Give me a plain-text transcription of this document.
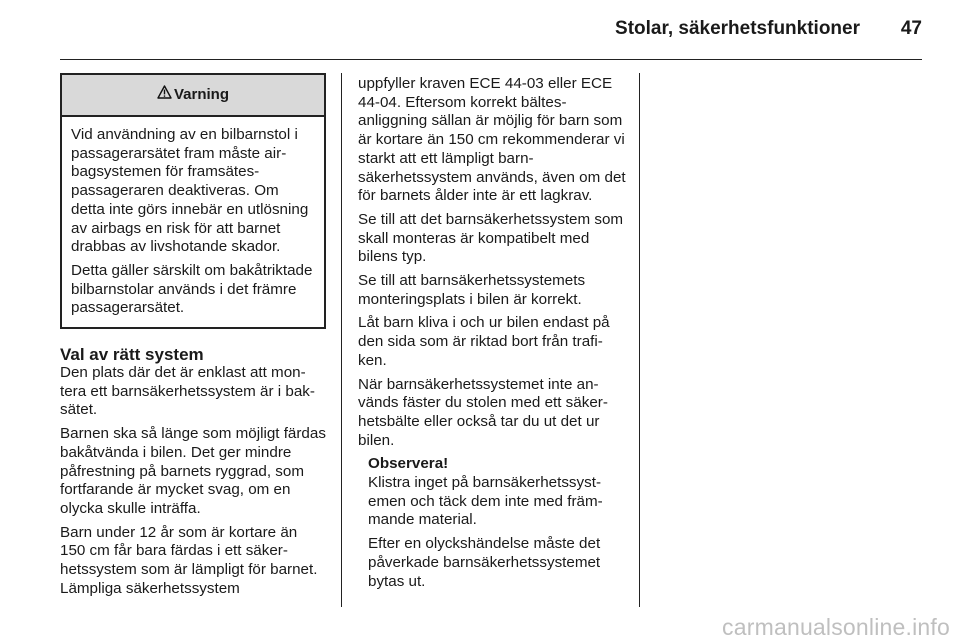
Stolar, säkerhetsfunktioner 47
Varning

Vid användning av en bilbarnstol i passagerarsätet fram måste airbagsystemen för framsätespassageraren deaktiveras. Om detta inte görs innebär en utlösning av airbags en risk för att barnet drabbas av livshotande skador.

Detta gäller särskilt om bakåtriktade bilbarnstolar används i det främre passagerarsätet.

Val av rätt system

Den plats där det är enklast att montera ett barnsäkerhetssystem är i baksätet.

Barnen ska så länge som möjligt färdas bakåtvända i bilen. Det ger mindre påfrestning på barnets ryggrad, som fortfarande är mycket svag, om en olycka skulle inträffa.

Barn under 12 år som är kortare än 150 cm får bara färdas i ett säkerhetssystem som är lämpligt för barnet. Lämpliga säkerhetssystem

uppfyller kraven ECE 44-03 eller ECE 44-04. Eftersom korrekt bältesanliggning sällan är möjlig för barn som är kortare än 150 cm rekommenderar vi starkt att ett lämpligt barnsäkerhetssystem används, även om det för barnets ålder inte är ett lagkrav.

Se till att det barnsäkerhetssystem som skall monteras är kompatibelt med bilens typ.

Se till att barnsäkerhetssystemets monteringsplats i bilen är korrekt.

Låt barn kliva i och ur bilen endast på den sida som är riktad bort från trafiken.

När barnsäkerhetssystemet inte används fäster du stolen med ett säkerhetsbälte eller också tar du ut det ur bilen.

Observera!

Klistra inget på barnsäkerhetssystemen och täck dem inte med främmande material.

Efter en olyckshändelse måste det påverkade barnsäkerhetssystemet bytas ut.

carmanualsonline.info
